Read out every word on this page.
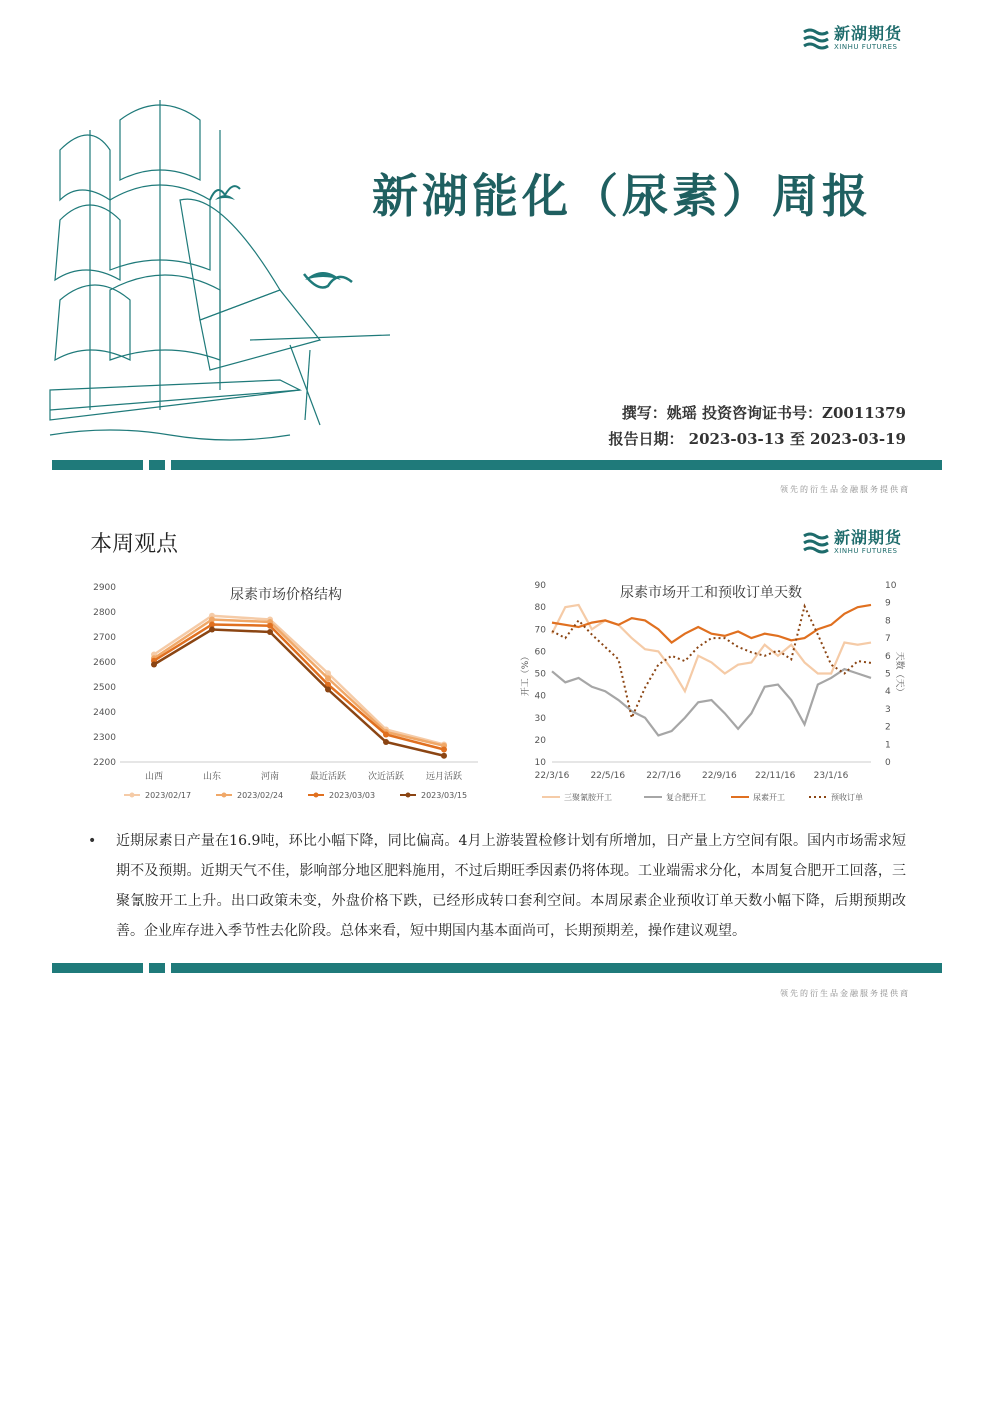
新湖期货
XINHU FUTURES
新湖能化（尿素）周报
撰写：姚瑶 投资咨询证书号：Z0011379
报告日期： 2023-03-13 至 2023-03-19
领先的衍生品金融服务提供商
本周观点	新湖期货
XINHU FUTURES
尿素市场价格结构
2900
2800
2700
2600
2500
2400
2300
2200
山西	山东	河南	最近活跃 次近活跃 远月活跃
2023/02/17	2023/02/24	2023/03/03	2023/03/15
尿素市场开工和预收订单天数
90
80
70
60
50
40
30
20
10
10
9
8
7
6
5
4
3
2
1
0
开工（%）	天数（天）
22/3/16 22/5/16 22/7/16 22/9/16 22/11/16 23/1/16
三聚氰胺开工	复合肥开工	尿素开工	预收订单
• 近期尿素日产量在16.9吨，环比小幅下降，同比偏高。4月上游装置检修计划有所增加，日产量上方空间有限。国内市场需求短期不及预期。近期天气不佳，影响部分地区肥料施用，不过后期旺季因素仍将体现。工业端需求分化，本周复合肥开工回落，三聚氰胺开工上升。出口政策未变，外盘价格下跌，已经形成转口套利空间。本周尿素企业预收订单天数小幅下降，后期预期改善。企业库存进入季节性去化阶段。总体来看，短中期国内基本面尚可，长期预期差，操作建议观望。
领先的衍生品金融服务提供商
